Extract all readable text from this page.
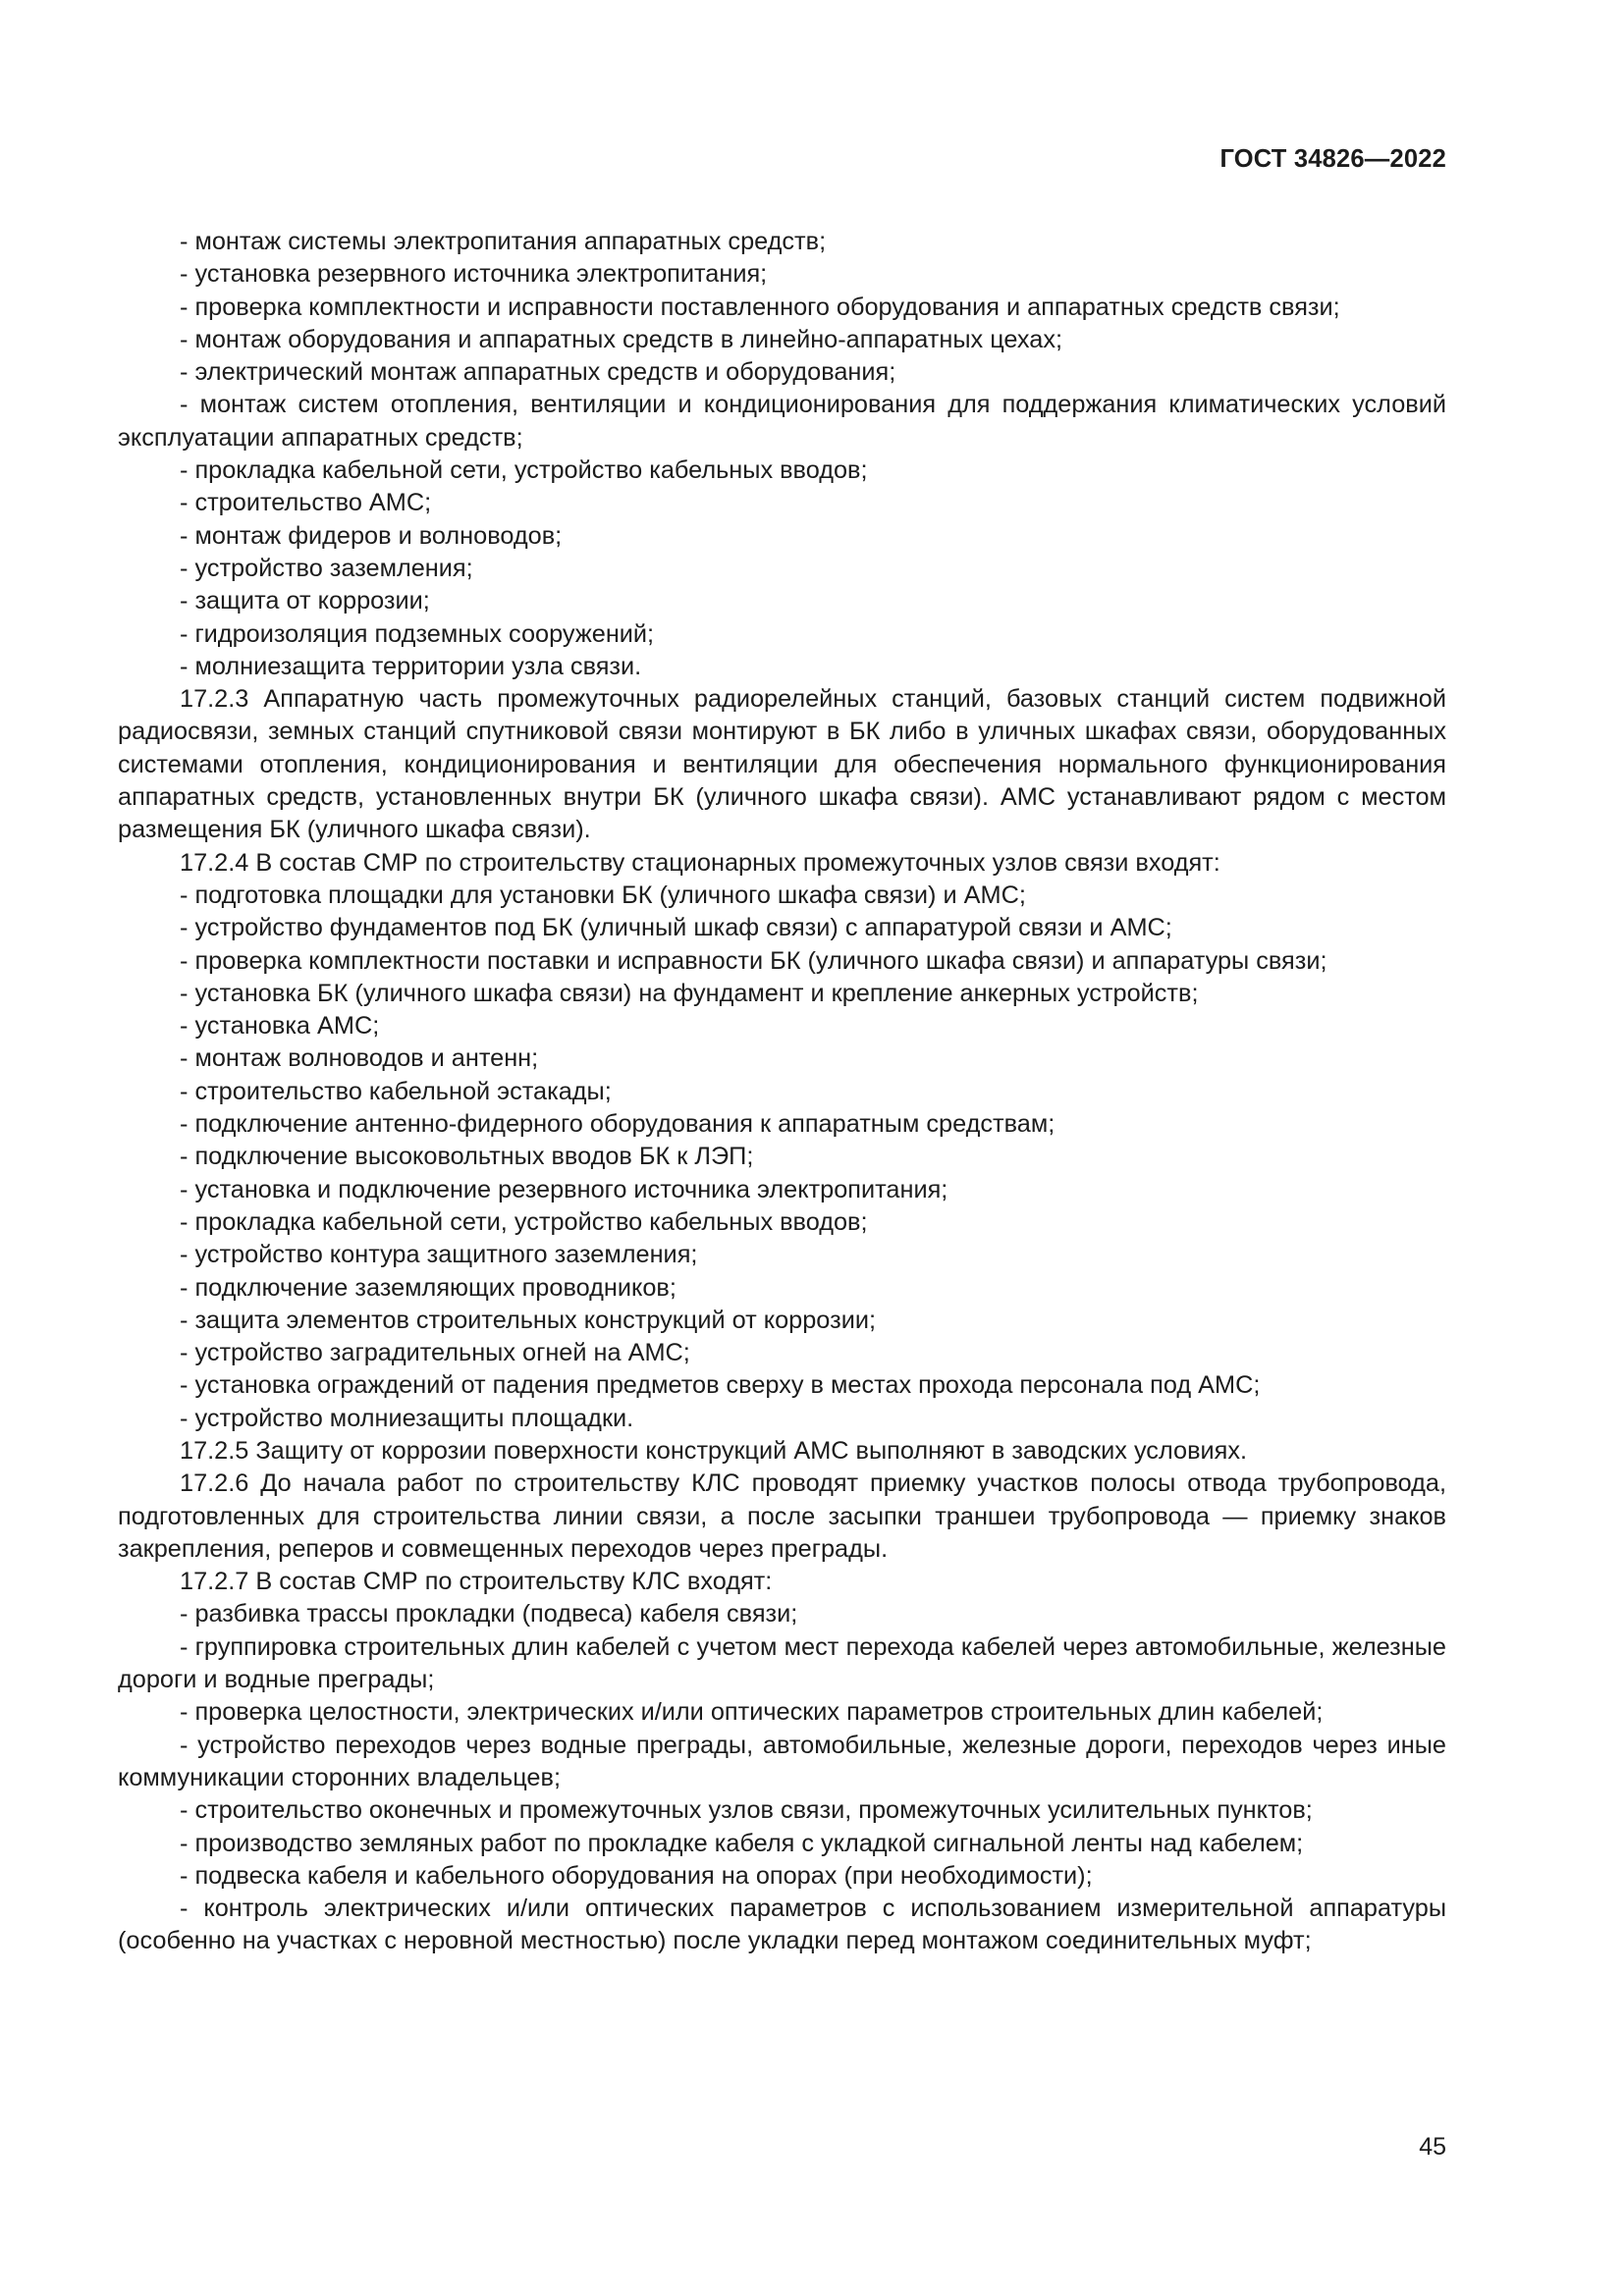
ГОСТ 34826—2022

- монтаж системы электропитания аппаратных средств;

- установка резервного источника электропитания;

- проверка комплектности и исправности поставленного оборудования и аппаратных средств связи;

- монтаж оборудования и аппаратных средств в линейно-аппаратных цехах;

- электрический монтаж аппаратных средств и оборудования;

- монтаж систем отопления, вентиляции и кондиционирования для поддержания климатических условий эксплуатации аппаратных средств;

- прокладка кабельной сети, устройство кабельных вводов;

- строительство АМС;

- монтаж фидеров и волноводов;

- устройство заземления;

- защита от коррозии;

- гидроизоляция подземных сооружений;

- молниезащита территории узла связи.

17.2.3 Аппаратную часть промежуточных радиорелейных станций, базовых станций систем подвижной радиосвязи, земных станций спутниковой связи монтируют в БК либо в уличных шкафах связи, оборудованных системами отопления, кондиционирования и вентиляции для обеспечения нормального функционирования аппаратных средств, установленных внутри БК (уличного шкафа связи). АМС устанавливают рядом с местом размещения БК (уличного шкафа связи).

17.2.4 В состав СМР по строительству стационарных промежуточных узлов связи входят:

- подготовка площадки для установки БК (уличного шкафа связи) и АМС;

- устройство фундаментов под БК (уличный шкаф связи) с аппаратурой связи и АМС;

- проверка комплектности поставки и исправности БК (уличного шкафа связи) и аппаратуры связи;

- установка БК (уличного шкафа связи) на фундамент и крепление анкерных устройств;

- установка АМС;

- монтаж волноводов и антенн;

- строительство кабельной эстакады;

- подключение антенно-фидерного оборудования к аппаратным средствам;

- подключение высоковольтных вводов БК к ЛЭП;

- установка и подключение резервного источника электропитания;

- прокладка кабельной сети, устройство кабельных вводов;

- устройство контура защитного заземления;

- подключение заземляющих проводников;

- защита элементов строительных конструкций от коррозии;

- устройство заградительных огней на АМС;

- установка ограждений от падения предметов сверху в местах прохода персонала под АМС;

- устройство молниезащиты площадки.

17.2.5 Защиту от коррозии поверхности конструкций АМС выполняют в заводских условиях.

17.2.6 До начала работ по строительству КЛС проводят приемку участков полосы отвода трубопровода, подготовленных для строительства линии связи, а после засыпки траншеи трубопровода — приемку знаков закрепления, реперов и совмещенных переходов через преграды.

17.2.7 В состав СМР по строительству КЛС входят:

- разбивка трассы прокладки (подвеса) кабеля связи;

- группировка строительных длин кабелей с учетом мест перехода кабелей через автомобильные, железные дороги и водные преграды;

- проверка целостности, электрических и/или оптических параметров строительных длин кабелей;

- устройство переходов через водные преграды, автомобильные, железные дороги, переходов через иные коммуникации сторонних владельцев;

- строительство оконечных и промежуточных узлов связи, промежуточных усилительных пунктов;

- производство земляных работ по прокладке кабеля с укладкой сигнальной ленты над кабелем;

- подвеска кабеля и кабельного оборудования на опорах (при необходимости);

- контроль электрических и/или оптических параметров с использованием измерительной аппаратуры (особенно на участках с неровной местностью) после укладки перед монтажом соединительных муфт;

45
